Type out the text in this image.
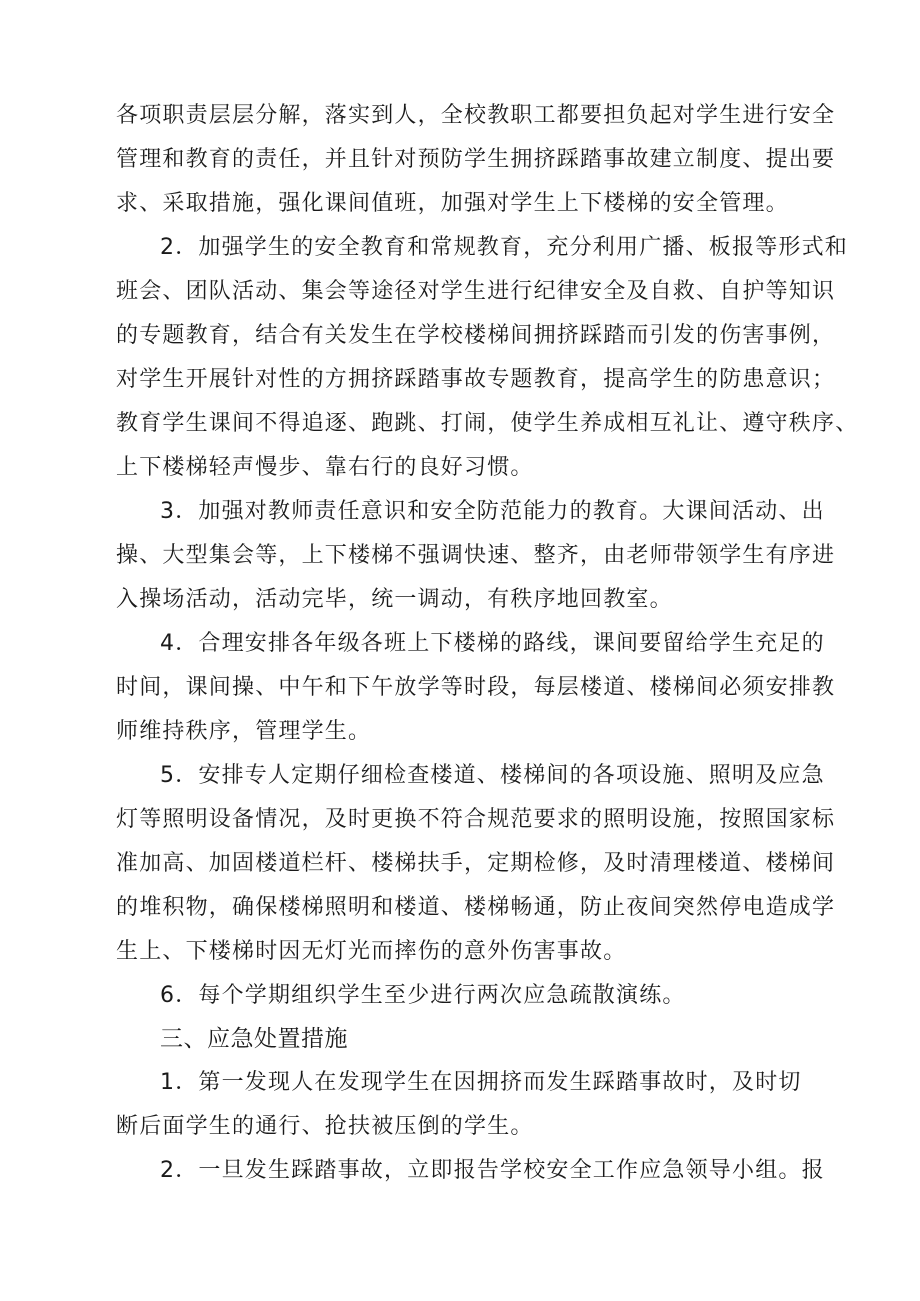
各项职责层层分解，落实到人，全校教职工都要担负起对学生进行安全
管理和教育的责任，并且针对预防学生拥挤踩踏事故建立制度、提出要
求、采取措施，强化课间值班，加强对学生上下楼梯的安全管理。
2．加强学生的安全教育和常规教育，充分利用广播、板报等形式和
班会、团队活动、集会等途径对学生进行纪律安全及自救、自护等知识
的专题教育，结合有关发生在学校楼梯间拥挤踩踏而引发的伤害事例，
对学生开展针对性的方拥挤踩踏事故专题教育，提高学生的防患意识；
教育学生课间不得追逐、跑跳、打闹，使学生养成相互礼让、遵守秩序、
上下楼梯轻声慢步、靠右行的良好习惯。
3．加强对教师责任意识和安全防范能力的教育。大课间活动、出
操、大型集会等，上下楼梯不强调快速、整齐，由老师带领学生有序进
入操场活动，活动完毕，统一调动，有秩序地回教室。
4．合理安排各年级各班上下楼梯的路线，课间要留给学生充足的
时间，课间操、中午和下午放学等时段，每层楼道、楼梯间必须安排教
师维持秩序，管理学生。
5．安排专人定期仔细检查楼道、楼梯间的各项设施、照明及应急
灯等照明设备情况，及时更换不符合规范要求的照明设施，按照国家标
准加高、加固楼道栏杆、楼梯扶手，定期检修，及时清理楼道、楼梯间
的堆积物，确保楼梯照明和楼道、楼梯畅通，防止夜间突然停电造成学
生上、下楼梯时因无灯光而摔伤的意外伤害事故。
6．每个学期组织学生至少进行两次应急疏散演练。
三、应急处置措施
1．第一发现人在发现学生在因拥挤而发生踩踏事故时，及时切
断后面学生的通行、抢扶被压倒的学生。
2．一旦发生踩踏事故，立即报告学校安全工作应急领导小组。报
